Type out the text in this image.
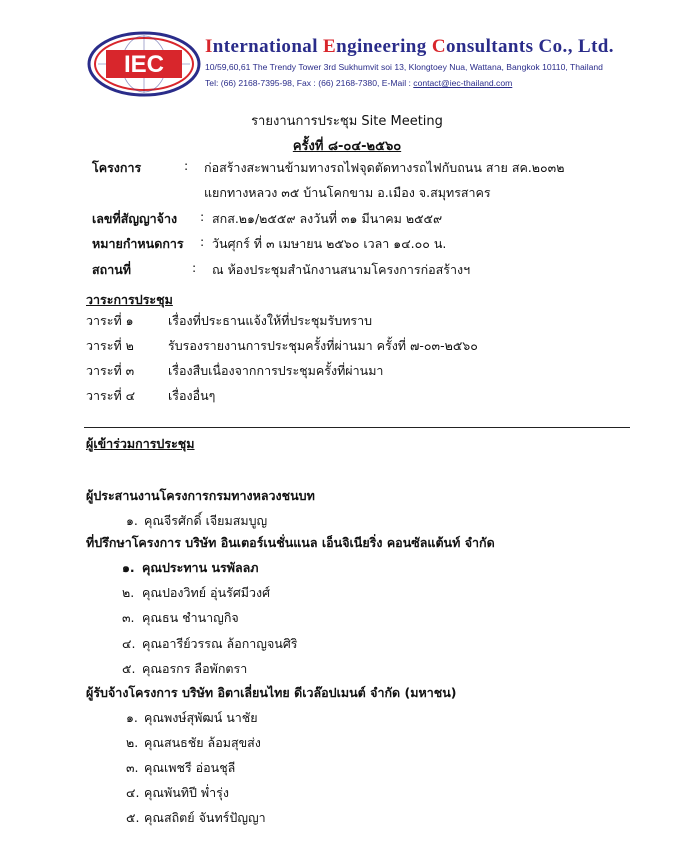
IEC
International Engineering Consultants Co., Ltd.
10/59,60,61 The Trendy Tower 3rd Sukhumvit soi 13, Klongtoey Nua, Wattana, Bangkok 10110, Thailand
Tel: (66) 2168-7395-98, Fax : (66) 2168-7380, E-Mail : contact@iec-thailand.com
รายงานการประชุม Site Meeting
ครั้งที่ ๘-๐๔-๒๕๖๐
โครงการ	: ก่อสร้างสะพานข้ามทางรถไฟจุดตัดทางรถไฟกับถนน สาย สค.๒๐๓๒
แยกทางหลวง ๓๕ บ้านโคกขาม อ.เมือง จ.สมุทรสาคร
เลขที่สัญญาจ้าง : สกส.๒๑/๒๕๕๙ ลงวันที่ ๓๑ มีนาคม ๒๕๕๙
หมายกำหนดการ : วันศุกร์ ที่ ๓ เมษายน ๒๕๖๐ เวลา ๑๔.๐๐ น.
สถานที่	: ณ ห้องประชุมสำนักงานสนามโครงการก่อสร้างฯ
วาระการประชุม
วาระที่ ๑	เรื่องที่ประธานแจ้งให้ที่ประชุมรับทราบ
วาระที่ ๒	รับรองรายงานการประชุมครั้งที่ผ่านมา ครั้งที่ ๗-๐๓-๒๕๖๐
วาระที่ ๓	เรื่องสืบเนื่องจากการประชุมครั้งที่ผ่านมา
วาระที่ ๔	เรื่องอื่นๆ
ผู้เข้าร่วมการประชุม
ผู้ประสานงานโครงการกรมทางหลวงชนบท
๑. คุณจีรศักดิ์ เจียมสมบูญ
ที่ปรึกษาโครงการ บริษัท อินเตอร์เนชั่นแนล เอ็นจิเนียริ่ง คอนซัลแต้นท์ จำกัด
๑. คุณประทาน นรพัลลภ
๒. คุณปองวิทย์ อุ่นรัศมีวงศ์
๓. คุณธน ชำนาญกิจ
๔. คุณอารีย์วรรณ ล้อกาญจนศิริ
๕. คุณอรกร ลือพักตรา
ผู้รับจ้างโครงการ บริษัท อิตาเลี่ยนไทย ดีเวล๊อปเมนต์ จำกัด (มหาชน)
๑. คุณพงษ์สุพัฒน์ นาชัย
๒. คุณสนธชัย ล้อมสุขส่ง
๓. คุณเพชรี อ่อนชุลี
๔. คุณพันทิปี พ่ำรุ่ง
๕. คุณสถิตย์ จันทร์ปัญญา
